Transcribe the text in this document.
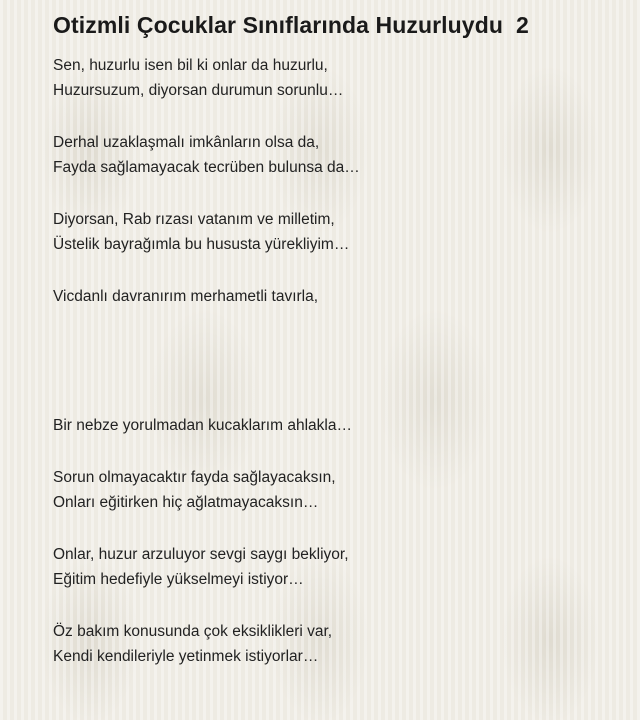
Otizmli Çocuklar Sınıflarında Huzurluydu  2
Sen, huzurlu isen bil ki onlar da huzurlu,
Huzursuzum, diyorsan durumun sorunlu…
Derhal uzaklaşmalı imkânların olsa da,
Fayda sağlamayacak tecrüben bulunsa da…
Diyorsan, Rab rızası vatanım ve milletim,
Üstelik bayrağımla bu hususta yürekliyim…
Vicdanlı davranırım merhametli tavırla,
Bir nebze yorulmadan kucaklarım ahlakla…
Sorun olmayacaktır fayda sağlayacaksın,
Onları eğitirken hiç ağlatmayacaksın…
Onlar, huzur arzuluyor sevgi saygı bekliyor,
Eğitim hedefiyle yükselmeyi istiyor…
Öz bakım konusunda çok eksiklikleri var,
Kendi kendileriyle yetinmek istiyorlar…
